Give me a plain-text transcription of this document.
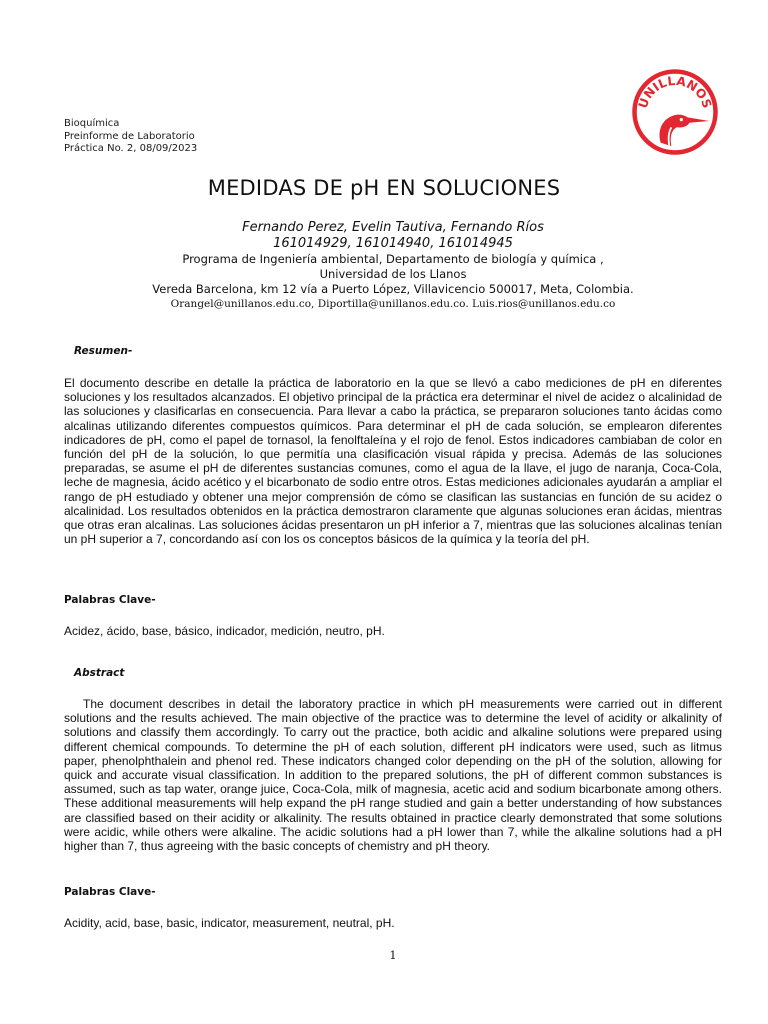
Bioquímica
Preinforme de Laboratorio
Práctica No. 2, 08/09/2023
UNILLANOS
MEDIDAS DE pH EN SOLUCIONES
Fernando Perez, Evelin Tautiva, Fernando Ríos
161014929, 161014940, 161014945
Programa de Ingeniería ambiental, Departamento de biología y química ,
Universidad de los Llanos
Vereda Barcelona, km 12 vía a Puerto López, Villavicencio 500017, Meta, Colombia.
Orangel@unillanos.edu.co, Diportilla@unillanos.edu.co. Luis.rios@unillanos.edu.co
Resumen-
El documento describe en detalle la práctica de laboratorio en la que se llevó a cabo mediciones de pH en diferentes soluciones y los resultados alcanzados. El objetivo principal de la práctica era determinar el nivel de acidez o alcalinidad de las soluciones y clasificarlas en consecuencia. Para llevar a cabo la práctica, se prepararon soluciones tanto ácidas como alcalinas utilizando diferentes compuestos químicos. Para determinar el pH de cada solución, se emplearon diferentes indicadores de pH, como el papel de tornasol, la fenolftaleína y el rojo de fenol. Estos indicadores cambiaban de color en función del pH de la solución, lo que permitía una clasificación visual rápida y precisa. Además de las soluciones preparadas, se asume el pH de diferentes sustancias comunes, como el agua de la llave, el jugo de naranja, Coca-Cola, leche de magnesia, ácido acético y el bicarbonato de sodio entre otros. Estas mediciones adicionales ayudarán a ampliar el rango de pH estudiado y obtener una mejor comprensión de cómo se clasifican las sustancias en función de su acidez o alcalinidad. Los resultados obtenidos en la práctica demostraron claramente que algunas soluciones eran ácidas, mientras que otras eran alcalinas. Las soluciones ácidas presentaron un pH inferior a 7, mientras que las soluciones alcalinas tenían un pH superior a 7, concordando así con los os conceptos básicos de la química y la teoría del pH.
Palabras Clave-
Acidez, ácido, base, básico, indicador, medición, neutro, pH.
Abstract
The document describes in detail the laboratory practice in which pH measurements were carried out in different solutions and the results achieved. The main objective of the practice was to determine the level of acidity or alkalinity of solutions and classify them accordingly. To carry out the practice, both acidic and alkaline solutions were prepared using different chemical compounds. To determine the pH of each solution, different pH indicators were used, such as litmus paper, phenolphthalein and phenol red. These indicators changed color depending on the pH of the solution, allowing for quick and accurate visual classification. In addition to the prepared solutions, the pH of different common substances is assumed, such as tap water, orange juice, Coca-Cola, milk of magnesia, acetic acid and sodium bicarbonate among others. These additional measurements will help expand the pH range studied and gain a better understanding of how substances are classified based on their acidity or alkalinity. The results obtained in practice clearly demonstrated that some solutions were acidic, while others were alkaline. The acidic solutions had a pH lower than 7, while the alkaline solutions had a pH higher than 7, thus agreeing with the basic concepts of chemistry and pH theory.
Palabras Clave-
Acidity, acid, base, basic, indicator, measurement, neutral, pH.
1
